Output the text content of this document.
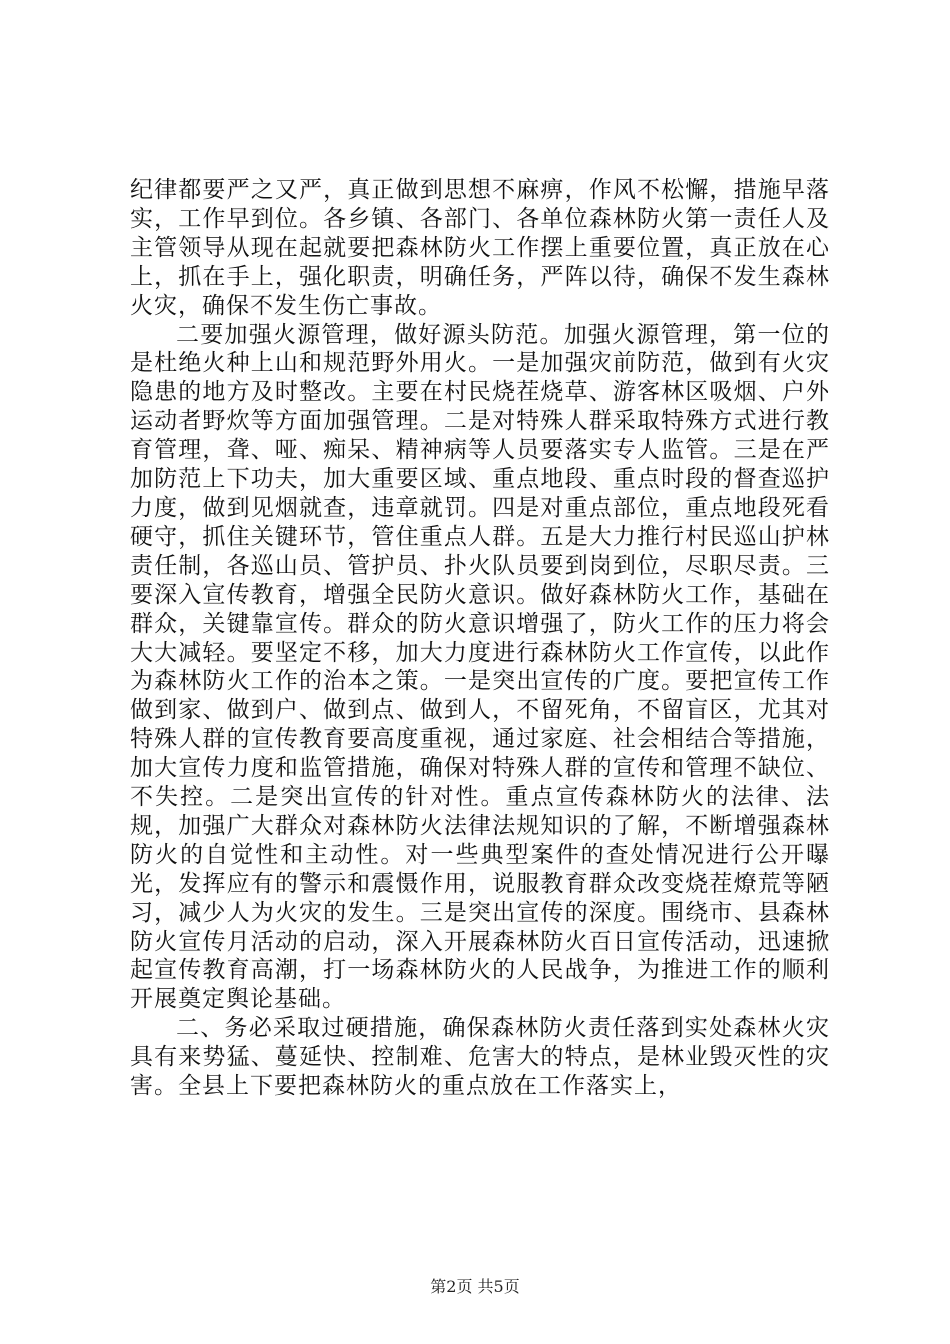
纪律都要严之又严，真正做到思想不麻痹，作风不松懈，措施早落实，工作早到位。各乡镇、各部门、各单位森林防火第一责任人及主管领导从现在起就要把森林防火工作摆上重要位置，真正放在心上，抓在手上，强化职责，明确任务，严阵以待，确保不发生森林火灾，确保不发生伤亡事故。

二要加强火源管理，做好源头防范。加强火源管理，第一位的是杜绝火种上山和规范野外用火。一是加强灾前防范，做到有火灾隐患的地方及时整改。主要在村民烧茬烧草、游客林区吸烟、户外运动者野炊等方面加强管理。二是对特殊人群采取特殊方式进行教育管理，聋、哑、痴呆、精神病等人员要落实专人监管。三是在严加防范上下功夫，加大重要区域、重点地段、重点时段的督查巡护力度，做到见烟就查，违章就罚。四是对重点部位，重点地段死看硬守，抓住关键环节，管住重点人群。五是大力推行村民巡山护林责任制，各巡山员、管护员、扑火队员要到岗到位，尽职尽责。三要深入宣传教育，增强全民防火意识。做好森林防火工作，基础在群众，关键靠宣传。群众的防火意识增强了，防火工作的压力将会大大减轻。要坚定不移，加大力度进行森林防火工作宣传，以此作为森林防火工作的治本之策。一是突出宣传的广度。要把宣传工作做到家、做到户、做到点、做到人，不留死角，不留盲区，尤其对特殊人群的宣传教育要高度重视，通过家庭、社会相结合等措施，加大宣传力度和监管措施，确保对特殊人群的宣传和管理不缺位、不失控。二是突出宣传的针对性。重点宣传森林防火的法律、法规，加强广大群众对森林防火法律法规知识的了解，不断增强森林防火的自觉性和主动性。对一些典型案件的查处情况进行公开曝光，发挥应有的警示和震慑作用，说服教育群众改变烧茬燎荒等陋习，减少人为火灾的发生。三是突出宣传的深度。围绕市、县森林防火宣传月活动的启动，深入开展森林防火百日宣传活动，迅速掀起宣传教育高潮，打一场森林防火的人民战争，为推进工作的顺利开展奠定舆论基础。

二、务必采取过硬措施，确保森林防火责任落到实处森林火灾具有来势猛、蔓延快、控制难、危害大的特点，是林业毁灭性的灾害。全县上下要把森林防火的重点放在工作落实上，

第2页 共5页
